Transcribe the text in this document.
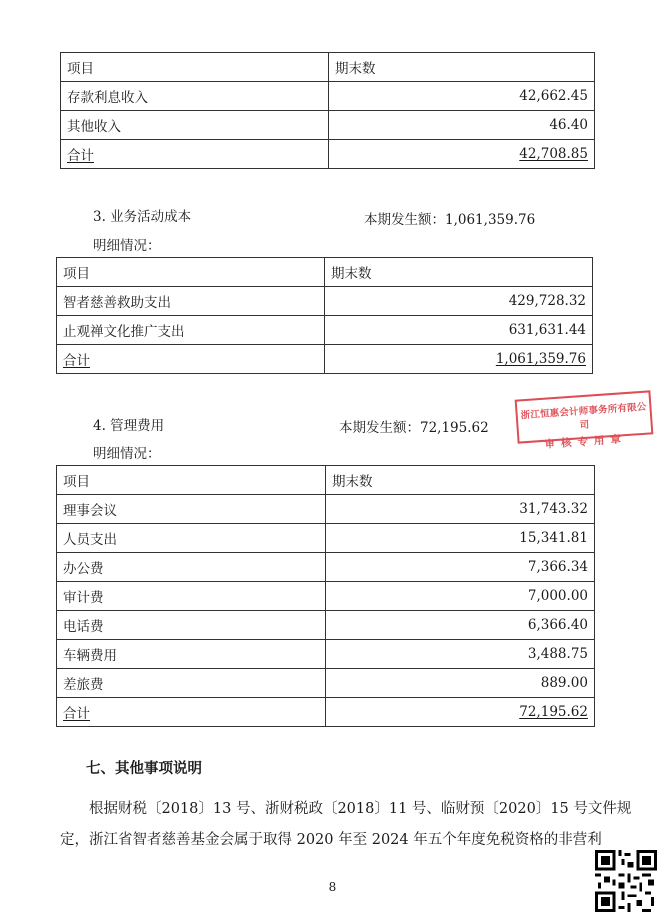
项目	期末数
存款利息收入	42,662.45
其他收入	46.40
合计	42,708.85
3. 业务活动成本	本期发生额：1,061,359.76
明细情况：
项目	期末数
智者慈善救助支出	429,728.32
止观禅文化推广支出	631,631.44
合计	1,061,359.76
4. 管理费用	本期发生额：72,195.62
明细情况：
浙江恒惠会计师事务所有限公司
审核专用章
项目	期末数
理事会议	31,743.32
人员支出	15,341.81
办公费	7,366.34
审计费	7,000.00
电话费	6,366.40
车辆费用	3,488.75
差旅费	889.00
合计	72,195.62
七、其他事项说明
根据财税〔2018〕13 号、浙财税政〔2018〕11 号、临财预〔2020〕15 号文件规
定，浙江省智者慈善基金会属于取得 2020 年至 2024 年五个年度免税资格的非营利
8
